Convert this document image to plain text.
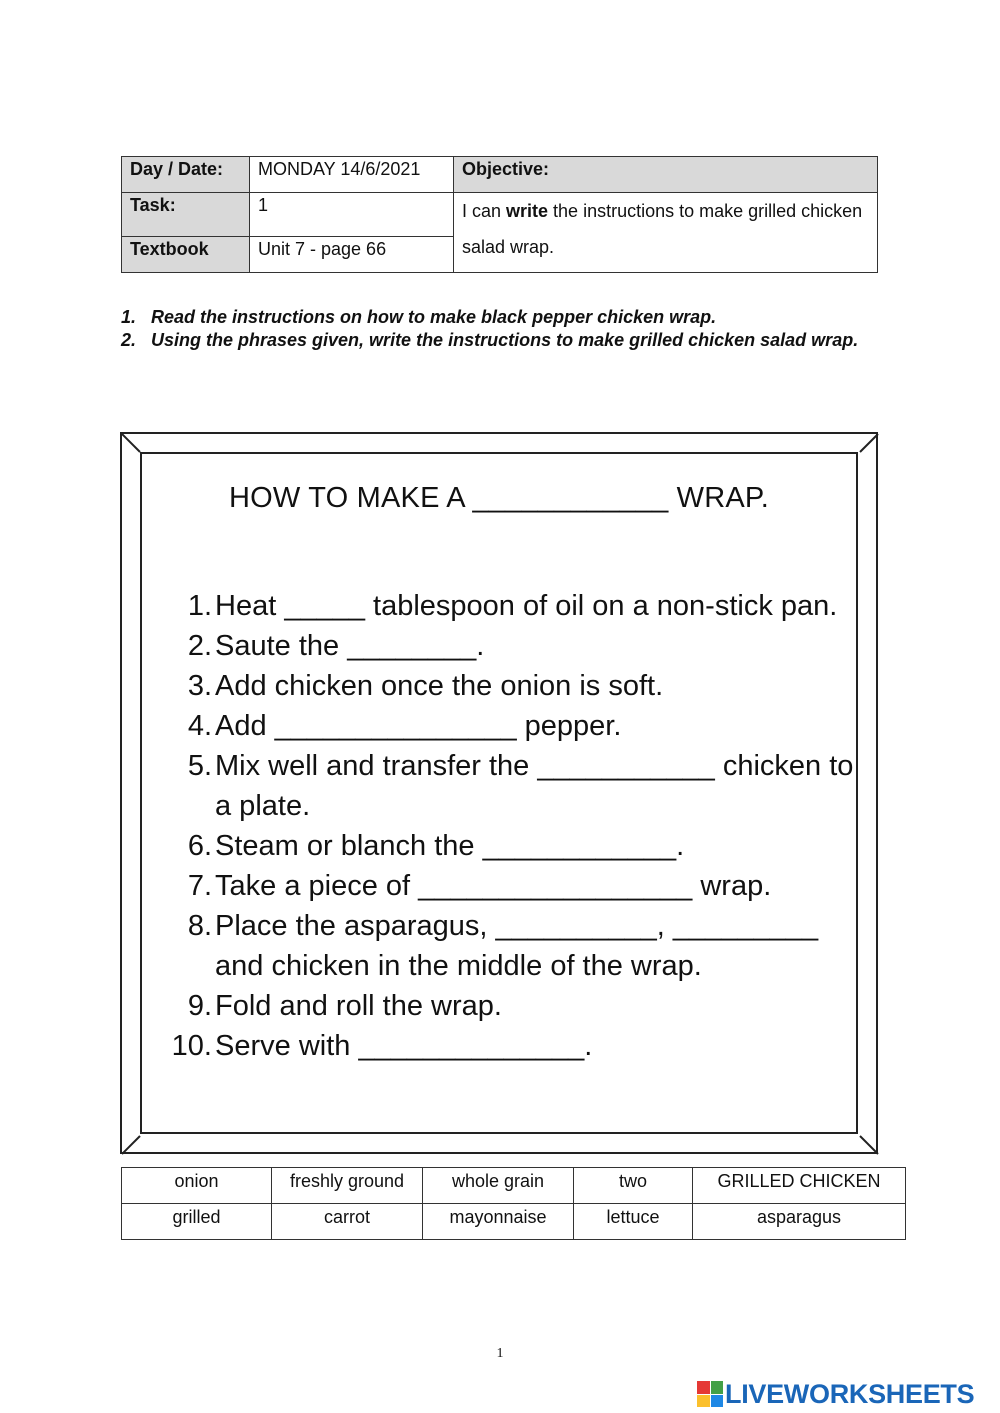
Day / Date:	MONDAY 14/6/2021	Objective:
Task:	1	I can write the instructions to make grilled chicken salad wrap.
Textbook	Unit 7 - page 66	
1. Read the instructions on how to make black pepper chicken wrap.
2. Using the phrases given, write the instructions to make grilled chicken salad wrap.
HOW TO MAKE A ____________ WRAP.
1. Heat _____ tablespoon of oil on a non-stick pan.
2. Saute the ________.
3. Add chicken once the onion is soft.
4. Add _______________ pepper.
5. Mix well and transfer the ___________ chicken to a plate.
6. Steam or blanch the ____________.
7. Take a piece of _________________ wrap.
8. Place the asparagus, __________, _________ and chicken in the middle of the wrap.
9. Fold and roll the wrap.
10. Serve with ______________.
onion	freshly ground	whole grain	two	GRILLED CHICKEN
grilled	carrot	mayonnaise	lettuce	asparagus
1
LIVEWORKSHEETS
